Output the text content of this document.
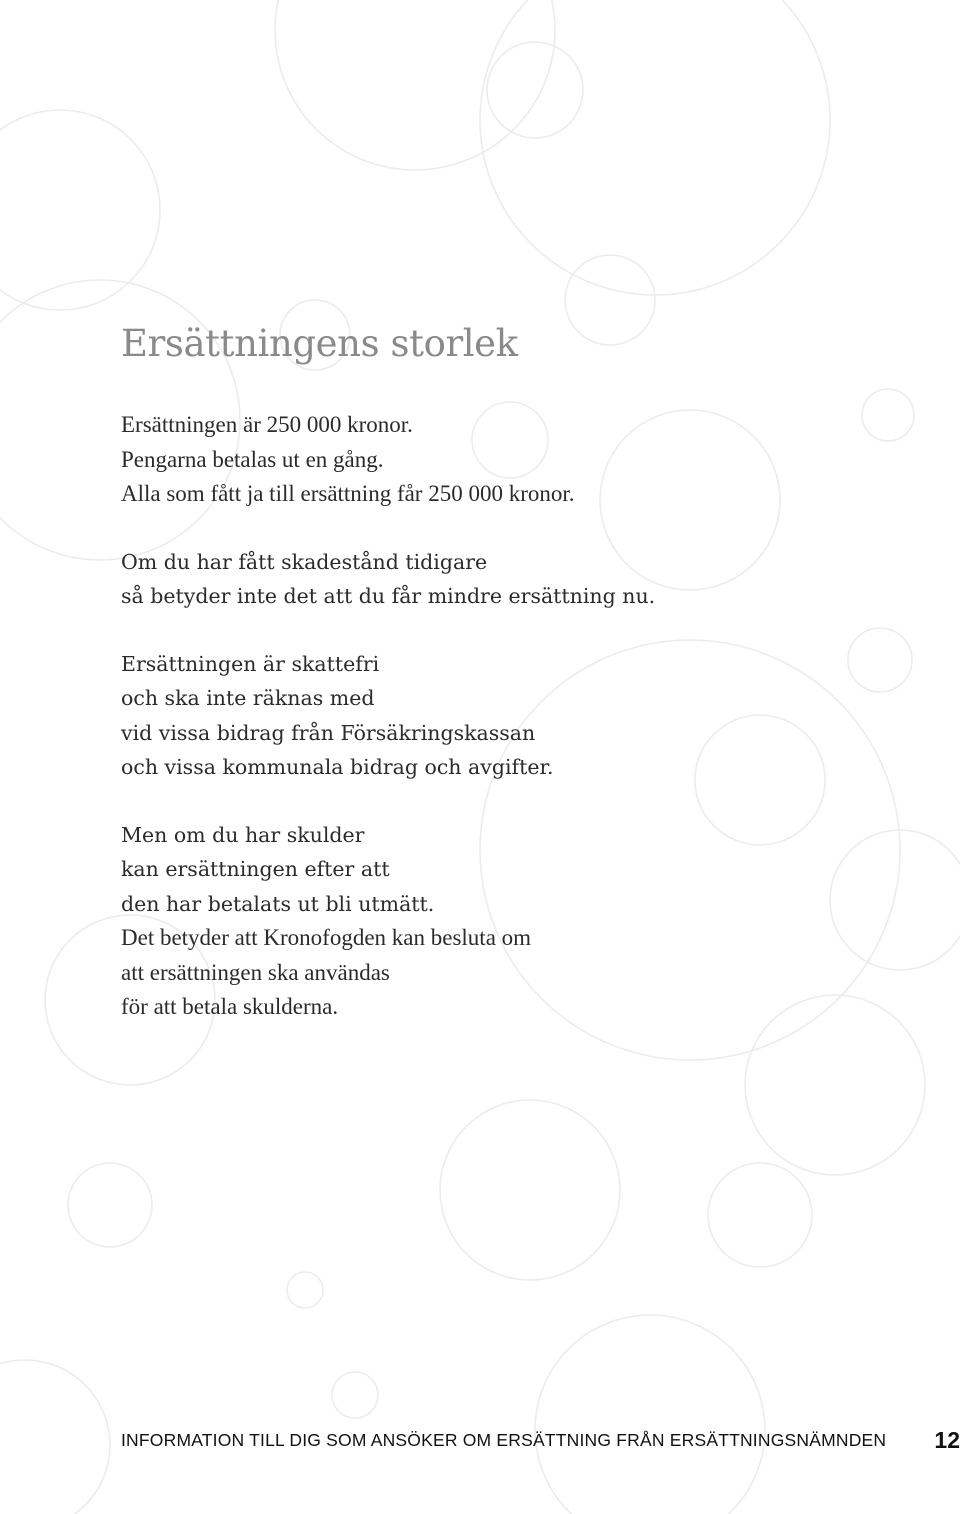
Ersättningens storlek
Ersättningen är 250 000 kronor.
Pengarna betalas ut en gång.
Alla som fått ja till ersättning får 250 000 kronor.
Om du har fått skadestånd tidigare
så betyder inte det att du får mindre ersättning nu.
Ersättningen är skattefri
och ska inte räknas med
vid vissa bidrag från Försäkringskassan
och vissa kommunala bidrag och avgifter.
Men om du har skulder
kan ersättningen efter att
den har betalats ut bli utmätt.
Det betyder att Kronofogden kan besluta om
att ersättningen ska användas
för att betala skulderna.
INFORMATION TILL DIG SOM ANSÖKER OM ERSÄTTNING FRÅN ERSÄTTNINGSNÄMNDEN 12
